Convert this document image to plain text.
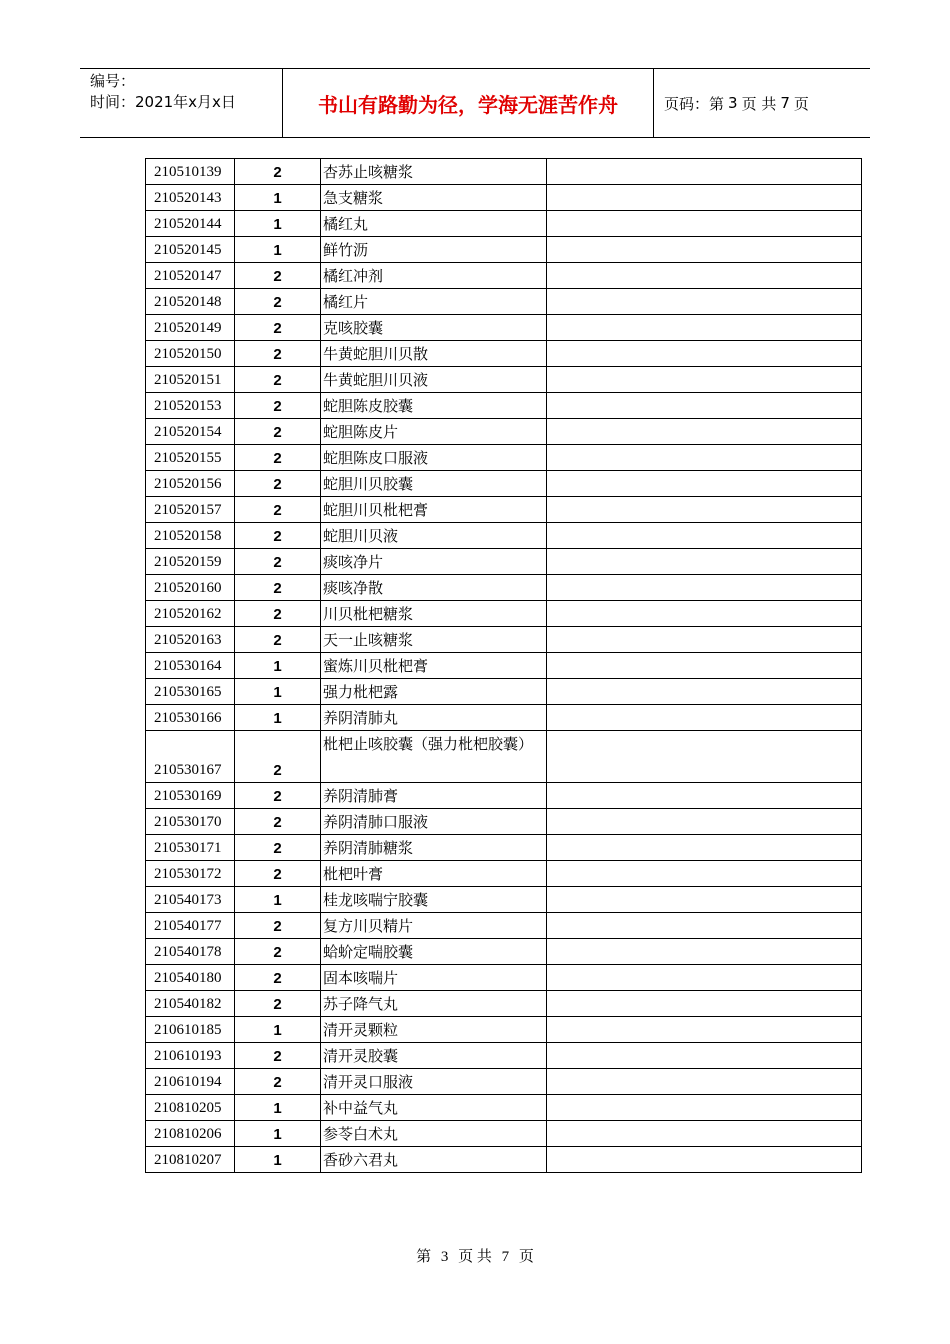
编号：
时间：2021年x月x日	书山有路勤为径，学海无涯苦作舟	页码：第 3 页 共 7 页
210510139	2	杏苏止咳糖浆	
210520143	1	急支糖浆	
210520144	1	橘红丸	
210520145	1	鲜竹沥	
210520147	2	橘红冲剂	
210520148	2	橘红片	
210520149	2	克咳胶囊	
210520150	2	牛黄蛇胆川贝散	
210520151	2	牛黄蛇胆川贝液	
210520153	2	蛇胆陈皮胶囊	
210520154	2	蛇胆陈皮片	
210520155	2	蛇胆陈皮口服液	
210520156	2	蛇胆川贝胶囊	
210520157	2	蛇胆川贝枇杷膏	
210520158	2	蛇胆川贝液	
210520159	2	痰咳净片	
210520160	2	痰咳净散	
210520162	2	川贝枇杷糖浆	
210520163	2	天一止咳糖浆	
210530164	1	蜜炼川贝枇杷膏	
210530165	1	强力枇杷露	
210530166	1	养阴清肺丸	
210530167	2	枇杷止咳胶囊（强力枇杷胶囊）	
210530169	2	养阴清肺膏	
210530170	2	养阴清肺口服液	
210530171	2	养阴清肺糖浆	
210530172	2	枇杷叶膏	
210540173	1	桂龙咳喘宁胶囊	
210540177	2	复方川贝精片	
210540178	2	蛤蚧定喘胶囊	
210540180	2	固本咳喘片	
210540182	2	苏子降气丸	
210610185	1	清开灵颗粒	
210610193	2	清开灵胶囊	
210610194	2	清开灵口服液	
210810205	1	补中益气丸	
210810206	1	参苓白术丸	
210810207	1	香砂六君丸	
第 3 页 共 7 页
